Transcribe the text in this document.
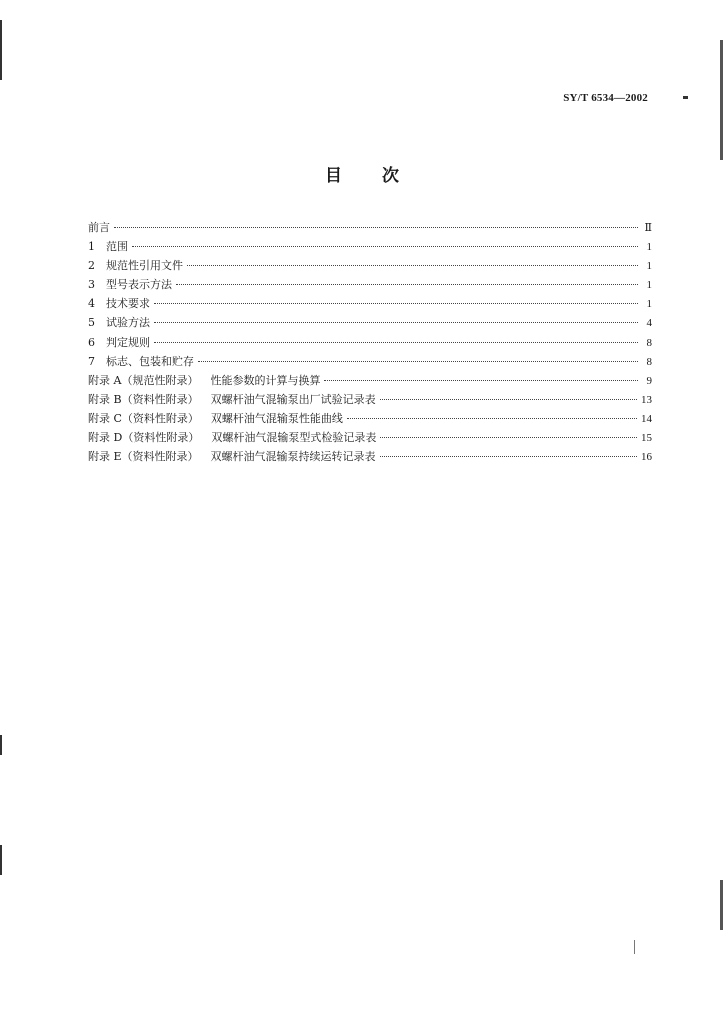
SY/T 6534—2002
目次
前言	Ⅱ
1 范围	1
2 规范性引用文件	1
3 型号表示方法	1
4 技术要求	1
5 试验方法	4
6 判定规则	8
7 标志、包装和贮存	8
附录 A（规范性附录） 性能参数的计算与换算	9
附录 B（资料性附录） 双螺杆油气混输泵出厂试验记录表	13
附录 C（资料性附录） 双螺杆油气混输泵性能曲线	14
附录 D（资料性附录） 双螺杆油气混输泵型式检验记录表	15
附录 E（资料性附录） 双螺杆油气混输泵持续运转记录表	16
